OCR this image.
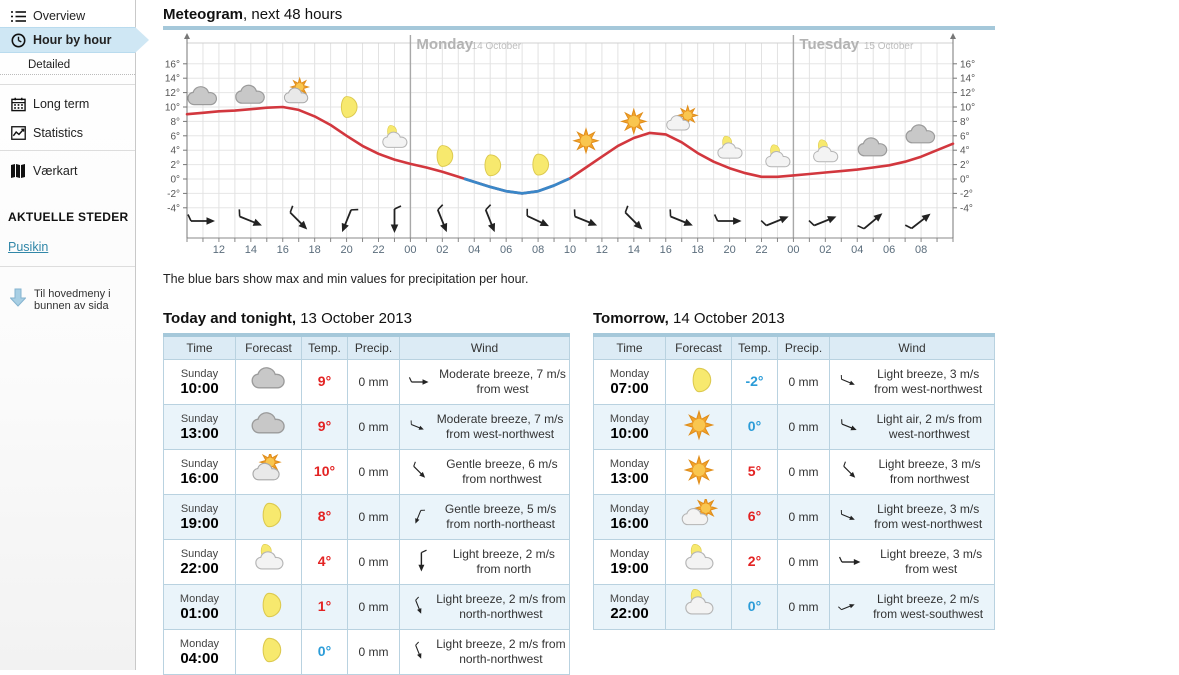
Overview
Hour by hour
Detailed
Long term
Statistics
Værkart
AKTUELLE STEDER
Pusikin
Til hovedmeny i
bunnen av sida
Meteogram, next 48 hours
Monday
14 October	Tuesday 15 October
12 14 16 18 20 22 00 02 04 06 08 10 12 14 16 18 20 22 00 02 04 06 08
16°
14°
12°
10°
8°
6°
4°
2°
0°
-2°
-4°
16°
14°
12°
10°
8°
6°
4°
2°
0°
-2°
-4°
The blue bars show max and min values for precipitation per hour.
Today and tonight, 13 October 2013
Time	Forecast	Temp.	Precip.	Wind

Sunday
10:00		9°	0 mm	Moderate breeze, 7 m/s from west

Sunday
13:00		9°	0 mm	Moderate breeze, 7 m/s from west-northwest

Sunday
16:00		10°	0 mm	Gentle breeze, 6 m/s from northwest

Sunday
19:00		8°	0 mm	Gentle breeze, 5 m/s from north-northeast

Sunday
22:00		4°	0 mm	Light breeze, 2 m/s from north

Monday
01:00		1°	0 mm	Light breeze, 2 m/s from north-northwest

Monday
04:00		0°	0 mm	Light breeze, 2 m/s from north-northwest
Tomorrow, 14 October 2013
Time	Forecast	Temp.	Precip.	Wind

Monday
07:00		-2°	0 mm	Light breeze, 3 m/s from west-northwest

Monday
10:00		0°	0 mm	Light air, 2 m/s from west-northwest

Monday
13:00		5°	0 mm	Light breeze, 3 m/s from northwest

Monday
16:00		6°	0 mm	Light breeze, 3 m/s from west-northwest

Monday
19:00		2°	0 mm	Light breeze, 3 m/s from west

Monday
22:00		0°	0 mm	Light breeze, 2 m/s from west-southwest
